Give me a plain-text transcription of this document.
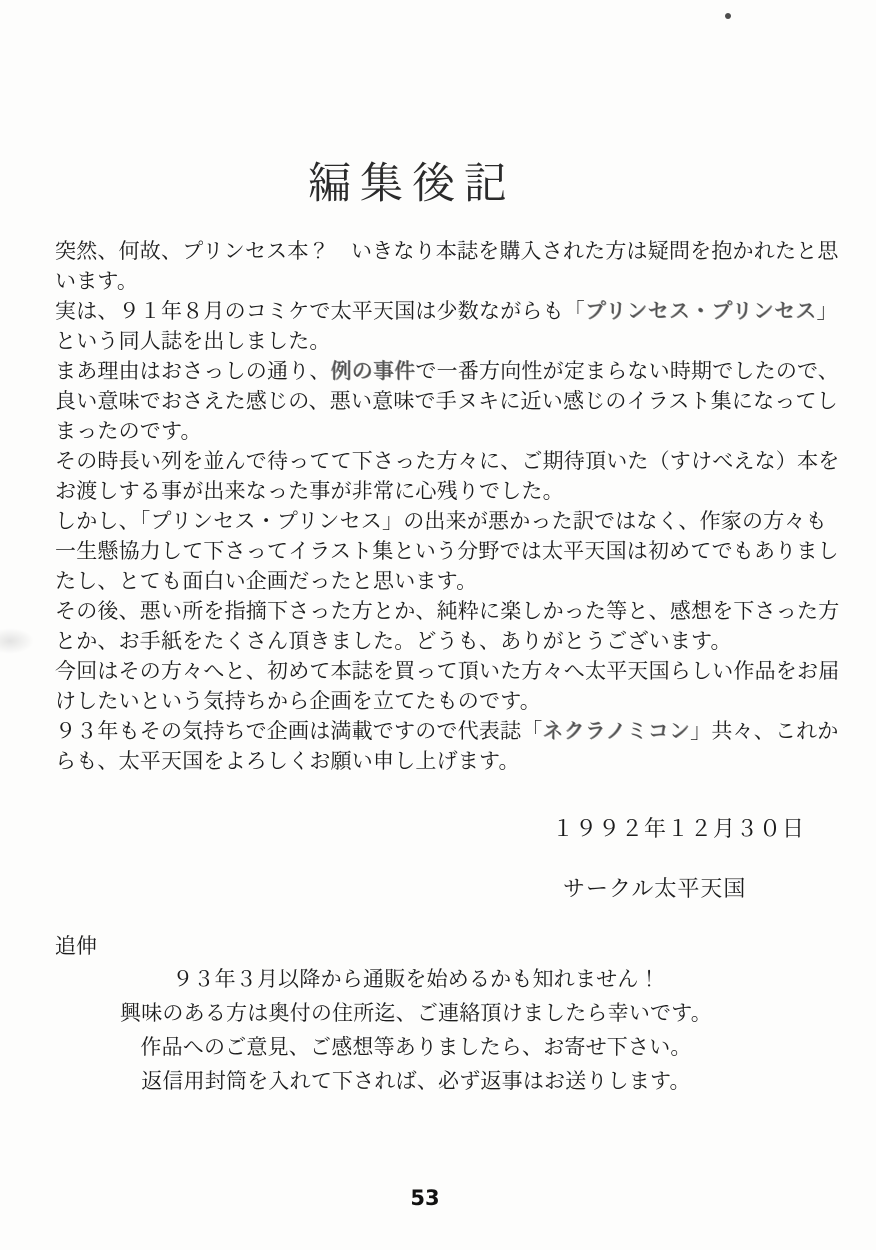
編集後記
突然、何故、プリンセス本？　いきなり本誌を購入された方は疑問を抱かれたと思
います。
実は、９１年８月のコミケで太平天国は少数ながらも「プリンセス・プリンセス」
という同人誌を出しました。
まあ理由はおさっしの通り、例の事件で一番方向性が定まらない時期でしたので、
良い意味でおさえた感じの、悪い意味で手ヌキに近い感じのイラスト集になってし
まったのです。
その時長い列を並んで待ってて下さった方々に、ご期待頂いた（すけべえな）本を
お渡しする事が出来なった事が非常に心残りでした。
しかし、「プリンセス・プリンセス」の出来が悪かった訳ではなく、作家の方々も
一生懸協力して下さってイラスト集という分野では太平天国は初めてでもありまし
たし、とても面白い企画だったと思います。
その後、悪い所を指摘下さった方とか、純粋に楽しかった等と、感想を下さった方
とか、お手紙をたくさん頂きました。どうも、ありがとうございます。
今回はその方々へと、初めて本誌を買って頂いた方々へ太平天国らしい作品をお届
けしたいという気持ちから企画を立てたものです。
９３年もその気持ちで企画は満載ですので代表誌「ネクラノミコン」共々、これか
らも、太平天国をよろしくお願い申し上げます。
１９９２年１２月３０日
サークル太平天国
追伸
９３年３月以降から通販を始めるかも知れません！
興味のある方は奥付の住所迄、ご連絡頂けましたら幸いです。
作品へのご意見、ご感想等ありましたら、お寄せ下さい。
返信用封筒を入れて下されば、必ず返事はお送りします。
53
